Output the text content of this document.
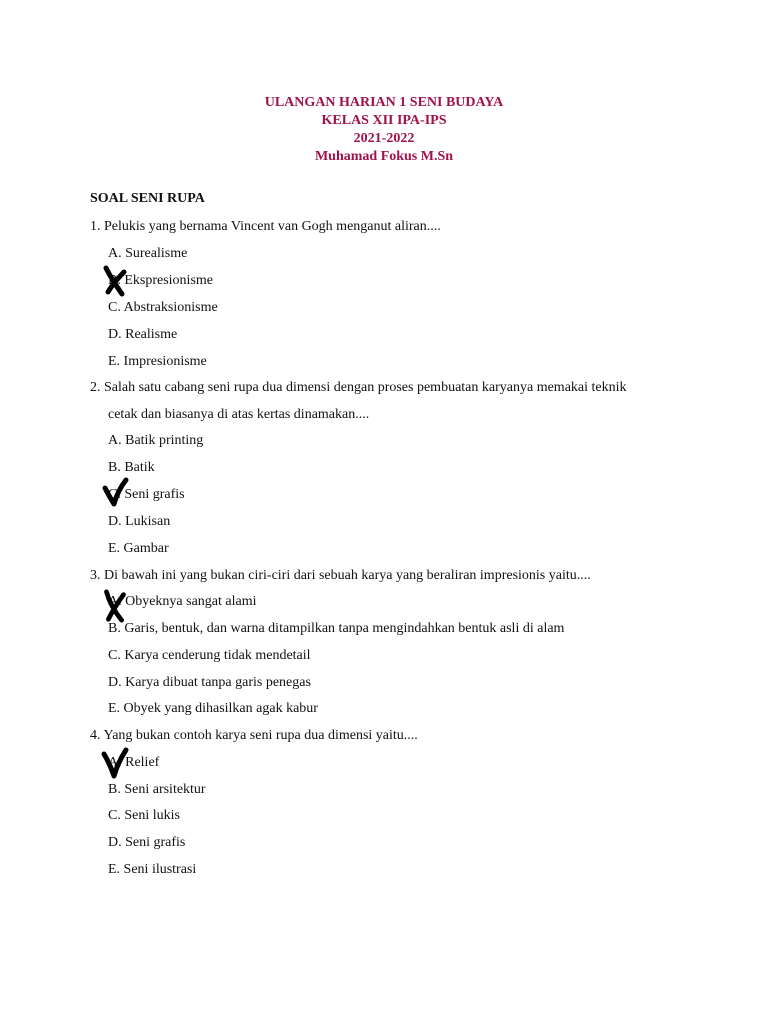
ULANGAN HARIAN 1 SENI BUDAYA
KELAS XII IPA-IPS
2021-2022
Muhamad Fokus M.Sn
SOAL SENI RUPA
1. Pelukis yang bernama Vincent van Gogh menganut aliran....
A. Surealisme
B. Ekspresionisme
C. Abstraksionisme
D. Realisme
E. Impresionisme
2. Salah satu cabang seni rupa dua dimensi dengan proses pembuatan karyanya memakai teknik
cetak dan biasanya di atas kertas dinamakan....
A. Batik printing
B. Batik
C. Seni grafis
D. Lukisan
E. Gambar
3. Di bawah ini yang bukan ciri-ciri dari sebuah karya yang beraliran impresionis yaitu....
A. Obyeknya sangat alami
B. Garis, bentuk, dan warna ditampilkan tanpa mengindahkan bentuk asli di alam
C. Karya cenderung tidak mendetail
D. Karya dibuat tanpa garis penegas
E. Obyek yang dihasilkan agak kabur
4. Yang bukan contoh karya seni rupa dua dimensi yaitu....
A. Relief
B. Seni arsitektur
C. Seni lukis
D. Seni grafis
E. Seni ilustrasi
